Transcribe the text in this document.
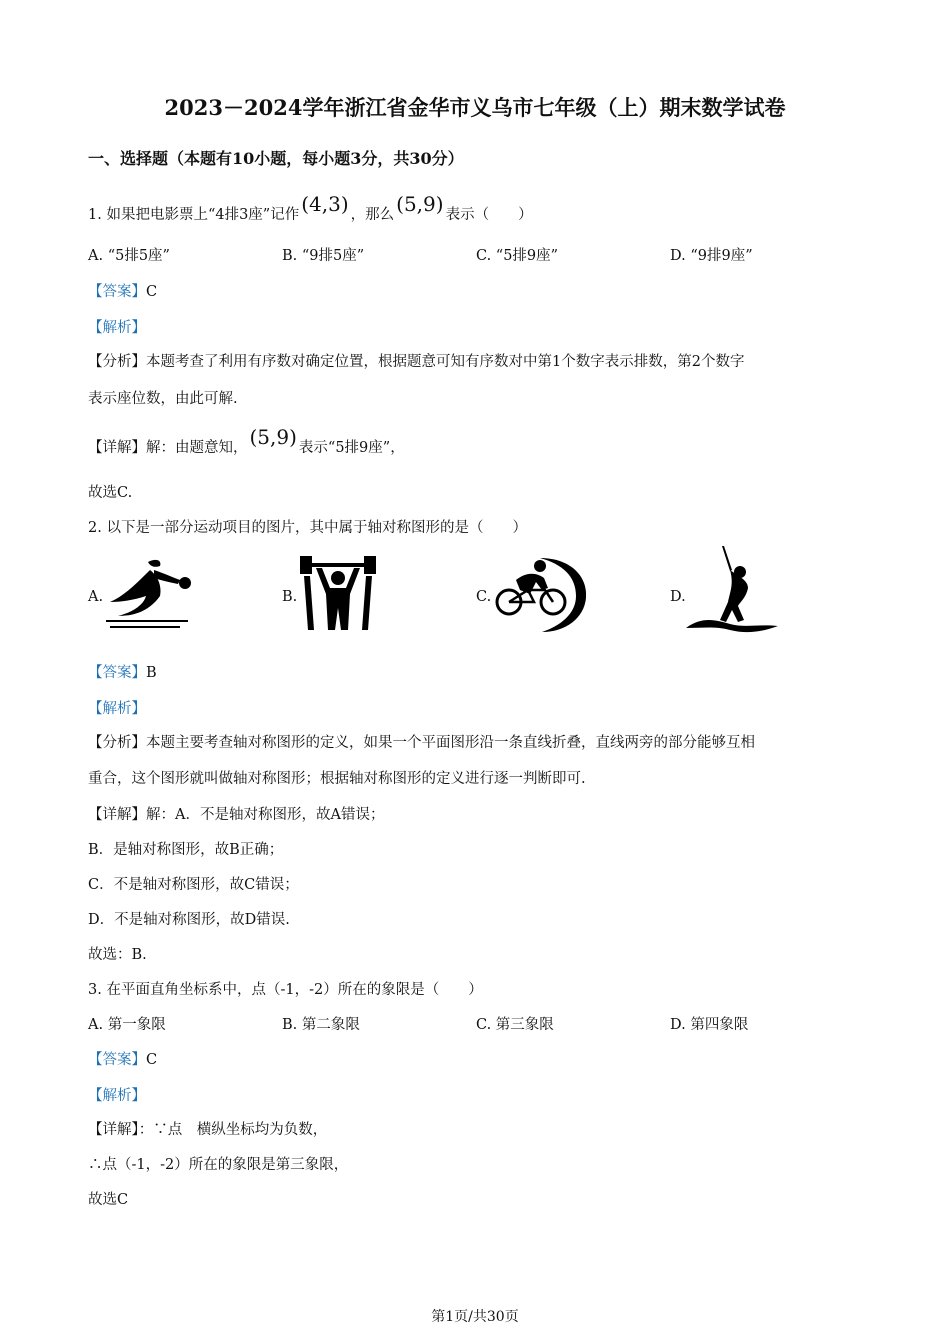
2023－2024学年浙江省金华市义乌市七年级（上）期末数学试卷
一、选择题（本题有10小题，每小题3分，共30分）
1. 如果把电影票上“4排3座”记作 (4,3) ，那么 (5,9) 表示（　　）
A. “5排5座”	B. “9排5座”	C. “5排9座”	D. “9排9座”
【答案】C
【解析】
【分析】本题考查了利用有序数对确定位置，根据题意可知有序数对中第1个数字表示排数，第2个数字
表示座位数，由此可解.
【详解】解：由题意知， (5,9) 表示“5排9座”，
故选C.
2. 以下是一部分运动项目的图片，其中属于轴对称图形的是（　　）
A.	B.	C.	D.
【答案】B
【解析】
【分析】本题主要考查轴对称图形的定义，如果一个平面图形沿一条直线折叠，直线两旁的部分能够互相
重合，这个图形就叫做轴对称图形；根据轴对称图形的定义进行逐一判断即可.
【详解】解：A．不是轴对称图形，故A错误；
B．是轴对称图形，故B正确；
C．不是轴对称图形，故C错误；
D．不是轴对称图形，故D错误.
故选：B.
3. 在平面直角坐标系中，点（-1，-2）所在的象限是（　　）
A. 第一象限	B. 第二象限	C. 第三象限	D. 第四象限
【答案】C
【解析】
【详解】：∵点　横纵坐标均为负数，
∴点（-1，-2）所在的象限是第三象限，
故选C
第1页/共30页
